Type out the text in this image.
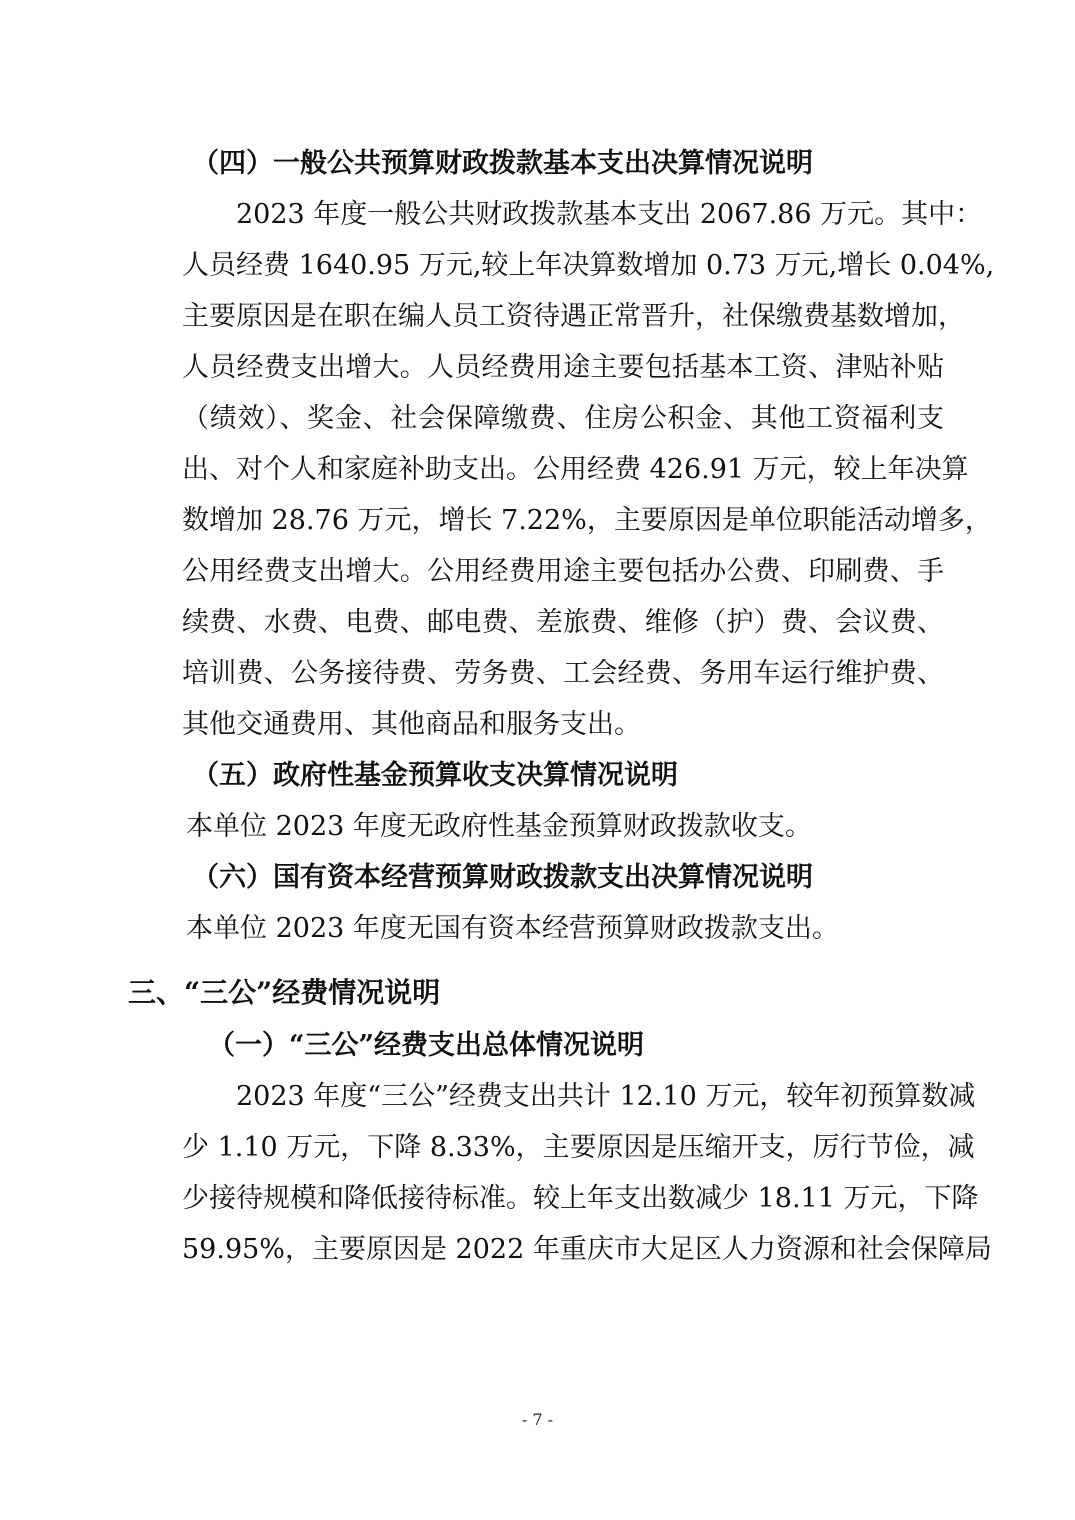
（四）一般公共预算财政拨款基本支出决算情况说明
2023 年度一般公共财政拨款基本支出 2067.86 万元。其中：
人员经费 1640.95 万元,较上年决算数增加 0.73 万元,增长 0.04%,
主要原因是在职在编人员工资待遇正常晋升，社保缴费基数增加，
人员经费支出增大。人员经费用途主要包括基本工资、津贴补贴
（绩效）、奖金、社会保障缴费、住房公积金、其他工资福利支
出、对个人和家庭补助支出。公用经费 426.91 万元，较上年决算
数增加 28.76 万元，增长 7.22%，主要原因是单位职能活动增多，
公用经费支出增大。公用经费用途主要包括办公费、印刷费、手
续费、水费、电费、邮电费、差旅费、维修（护）费、会议费、
培训费、公务接待费、劳务费、工会经费、务用车运行维护费、
其他交通费用、其他商品和服务支出。
（五）政府性基金预算收支决算情况说明

本单位 2023 年度无政府性基金预算财政拨款收支。

（六）国有资本经营预算财政拨款支出决算情况说明

本单位 2023 年度无国有资本经营预算财政拨款支出。

三、“三公”经费情况说明
（一）“三公”经费支出总体情况说明
2023 年度“三公”经费支出共计 12.10 万元，较年初预算数减
少 1.10 万元，下降 8.33%，主要原因是压缩开支，厉行节俭，减
少接待规模和降低接待标准。较上年支出数减少 18.11 万元，下降
59.95%，主要原因是 2022 年重庆市大足区人力资源和社会保障局
- 7 -
